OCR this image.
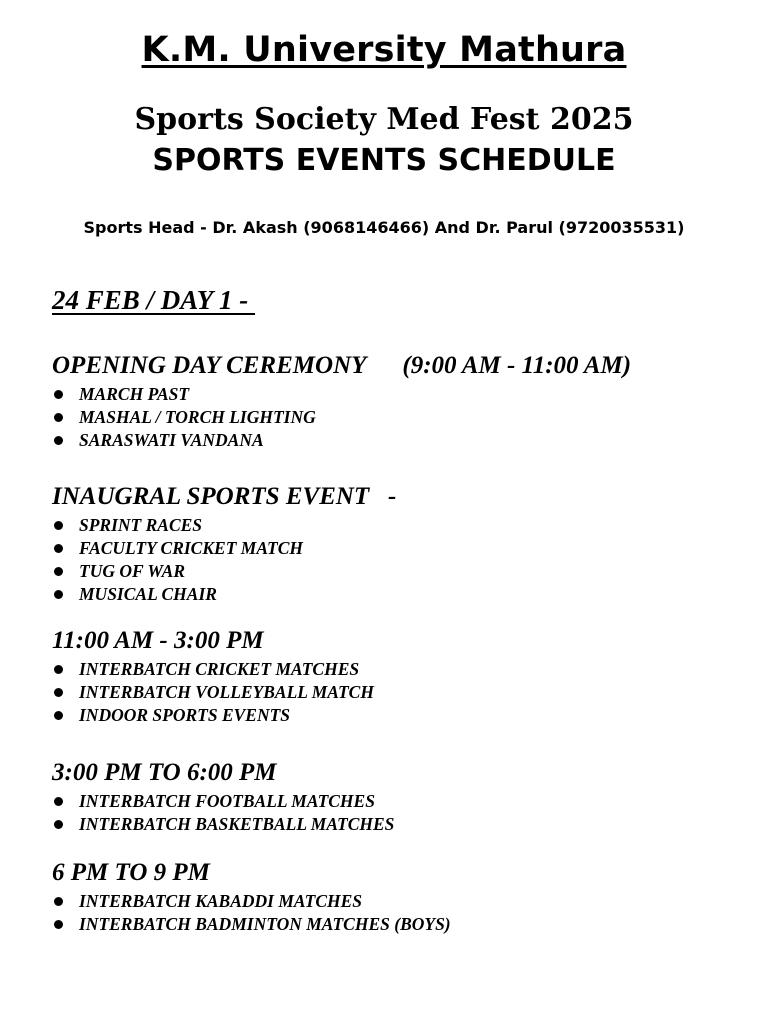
K.M. University Mathura
Sports Society Med Fest 2025
SPORTS EVENTS SCHEDULE
Sports Head - Dr. Akash (9068146466) And Dr. Parul (9720035531)
24 FEB / DAY 1 -
OPENING DAY CEREMONY (9:00 AM - 11:00 AM)
MARCH PAST
MASHAL / TORCH LIGHTING
SARASWATI VANDANA
INAUGRAL SPORTS EVENT   -
SPRINT RACES
FACULTY CRICKET MATCH
TUG OF WAR
MUSICAL CHAIR
11:00 AM - 3:00 PM
INTERBATCH CRICKET MATCHES
INTERBATCH VOLLEYBALL MATCH
INDOOR SPORTS EVENTS
3:00 PM TO 6:00 PM
INTERBATCH FOOTBALL MATCHES
INTERBATCH BASKETBALL MATCHES
6 PM TO 9 PM
INTERBATCH KABADDI MATCHES
INTERBATCH BADMINTON MATCHES (BOYS)
